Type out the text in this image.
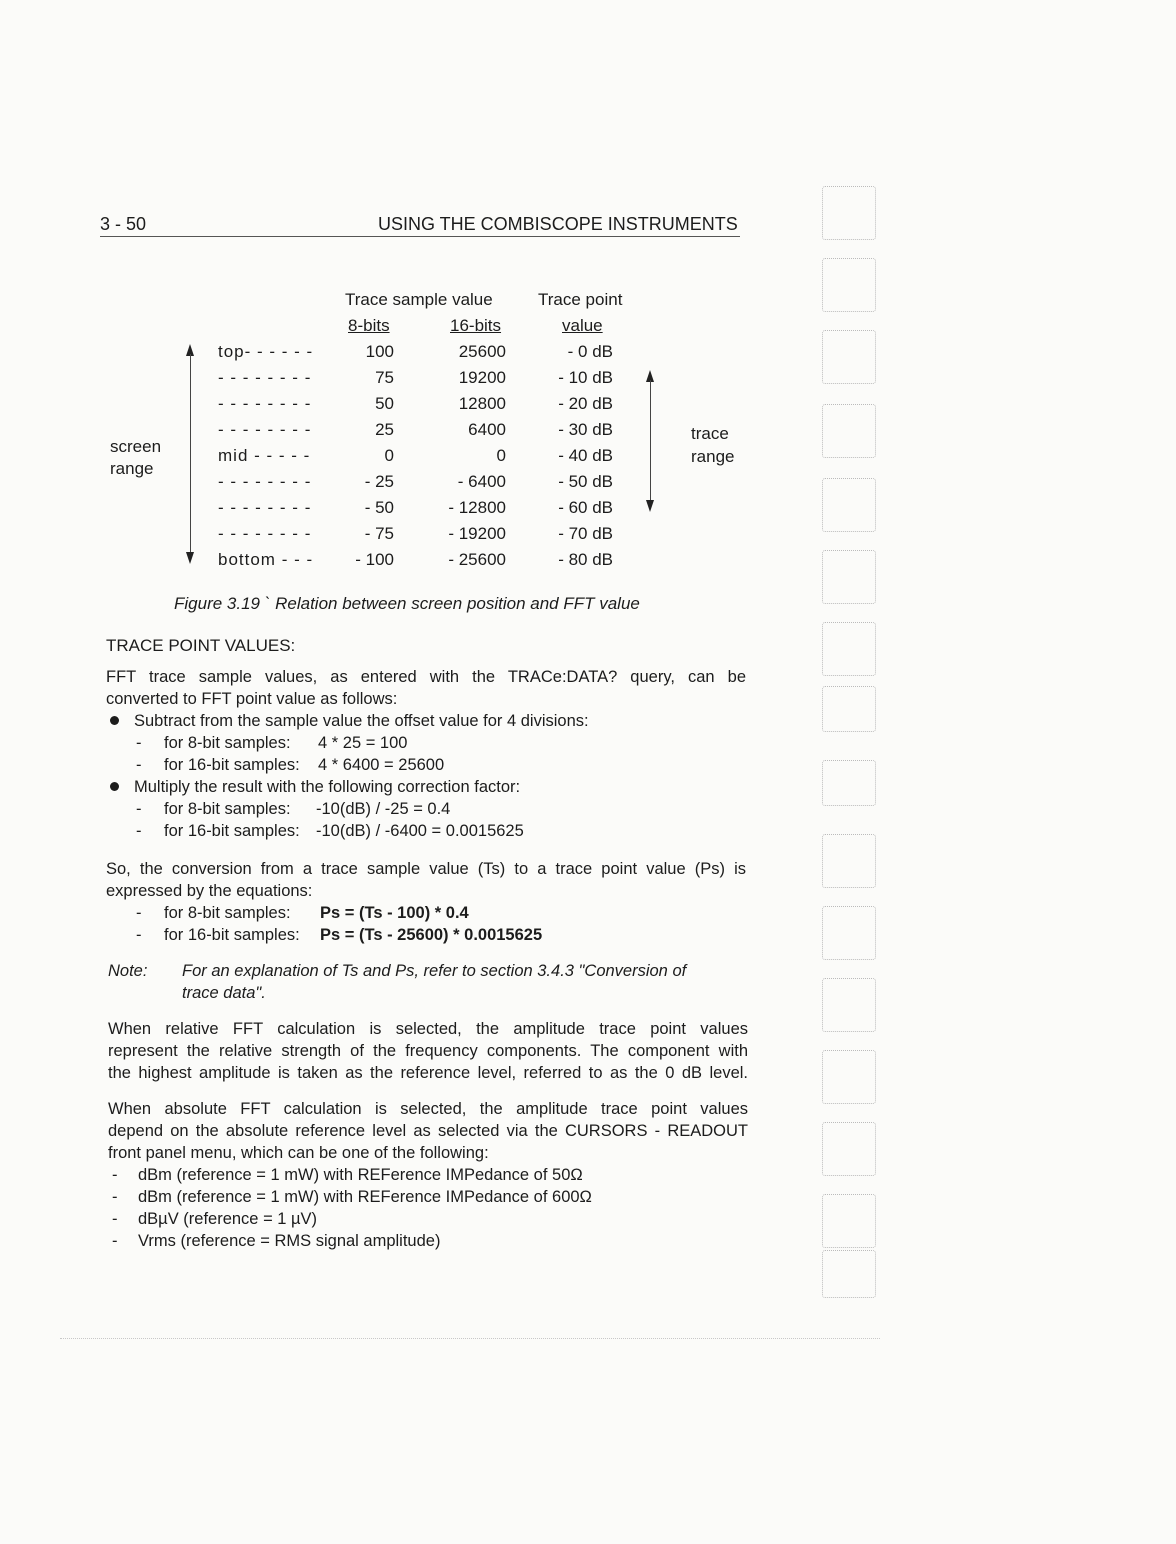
3 - 50	USING THE COMBISCOPE INSTRUMENTS
Trace sample value	Trace point
8-bits	16-bits	value
top- - - - - -	100	25600	- 0 dB
- - - - - - - -	75	19200	- 10 dB
- - - - - - - -	50	12800	- 20 dB
- - - - - - - -	25	6400	- 30 dB
mid - - - - -	0	0	- 40 dB
- - - - - - - -	- 25	- 6400	- 50 dB
- - - - - - - -	- 50	- 12800	- 60 dB
- - - - - - - -	- 75	- 19200	- 70 dB
bottom - - -	- 100	- 25600	- 80 dB
screen
range
trace
range
Figure 3.19 ` Relation between screen position and FFT value
TRACE POINT VALUES:
FFT trace sample values, as entered with the TRACe:DATA? query, can be
converted to FFT point value as follows:
Subtract from the sample value the offset value for 4 divisions:
- for 8-bit samples: 4 * 25 = 100
- for 16-bit samples: 4 * 6400 = 25600
Multiply the result with the following correction factor:
- for 8-bit samples: -10(dB) / -25 = 0.4
- for 16-bit samples: -10(dB) / -6400 = 0.0015625
So, the conversion from a trace sample value (Ts) to a trace point value (Ps) is
expressed by the equations:
- for 8-bit samples: Ps = (Ts - 100) * 0.4
- for 16-bit samples: Ps = (Ts - 25600) * 0.0015625
Note: For an explanation of Ts and Ps, refer to section 3.4.3 "Conversion of
trace data".
When relative FFT calculation is selected, the amplitude trace point values
represent the relative strength of the frequency components. The component with
the highest amplitude is taken as the reference level, referred to as the 0 dB level.
When absolute FFT calculation is selected, the amplitude trace point values
depend on the absolute reference level as selected via the CURSORS - READOUT
front panel menu, which can be one of the following:
- dBm (reference = 1 mW) with REFerence IMPedance of 50Ω
- dBm (reference = 1 mW) with REFerence IMPedance of 600Ω
- dBµV (reference = 1 µV)
- Vrms (reference = RMS signal amplitude)
